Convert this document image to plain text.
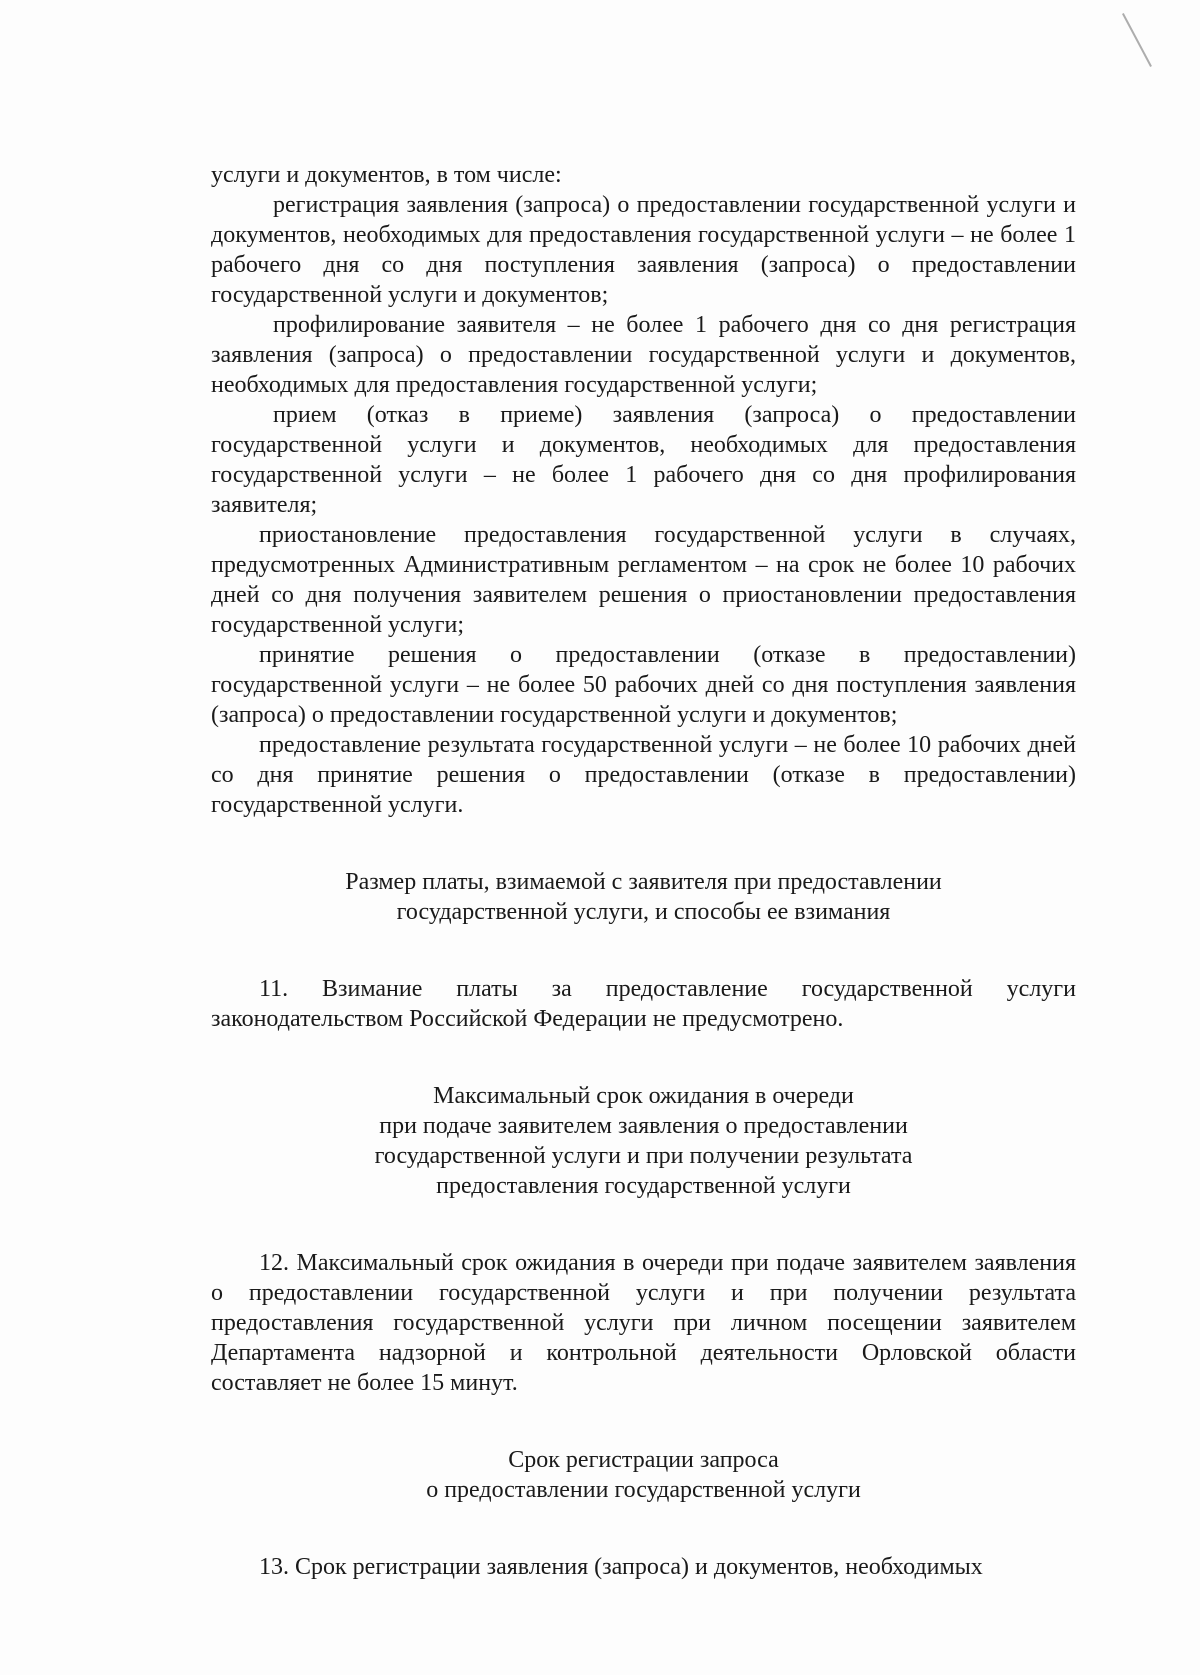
услуги и документов, в том числе:

регистрация заявления (запроса) о предоставлении государственной услуги и документов, необходимых для предоставления государственной услуги – не более 1 рабочего дня со дня поступления заявления (запроса) о предоставлении государственной услуги и документов;

профилирование заявителя – не более 1 рабочего дня со дня регистрация заявления (запроса) о предоставлении государственной услуги и документов, необходимых для предоставления государственной услуги;

прием (отказ в приеме) заявления (запроса) о предоставлении государственной услуги и документов, необходимых для предоставления государственной услуги – не более 1 рабочего дня со дня профилирования заявителя;

приостановление предоставления государственной услуги в случаях, предусмотренных Административным регламентом – на срок не более 10 рабочих дней со дня получения заявителем решения о приостановлении предоставления государственной услуги;

принятие решения о предоставлении (отказе в предоставлении) государственной услуги – не более 50 рабочих дней со дня поступления заявления (запроса) о предоставлении государственной услуги и документов;

предоставление результата государственной услуги – не более 10 рабочих дней со дня принятие решения о предоставлении (отказе в предоставлении) государственной услуги.

Размер платы, взимаемой с заявителя при предоставлении

государственной услуги, и способы ее взимания

11. Взимание платы за предоставление государственной услуги законодательством Российской Федерации не предусмотрено.

Максимальный срок ожидания в очереди

при подаче заявителем заявления о предоставлении

государственной услуги и при получении результата

предоставления государственной услуги

12. Максимальный срок ожидания в очереди при подаче заявителем заявления о предоставлении государственной услуги и при получении результата предоставления государственной услуги при личном посещении заявителем Департамента надзорной и контрольной деятельности Орловской области составляет не более 15 минут.

Срок регистрации запроса

о предоставлении государственной услуги

13. Срок регистрации заявления (запроса) и документов, необходимых
